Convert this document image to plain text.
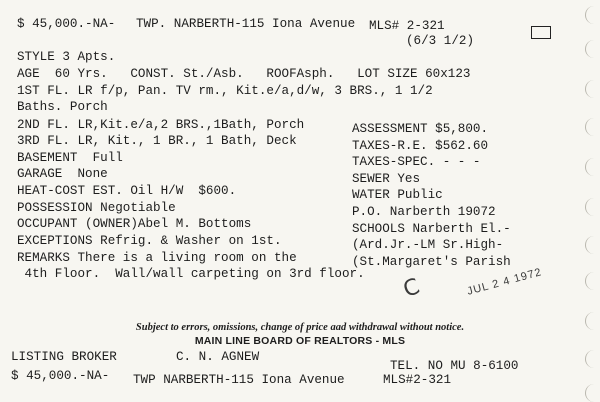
$ 45,000.-NA- TWP. NARBERTH-115 Iona Avenue MLS# 2-321
(6/3 1/2)
STYLE 3 Apts.
AGE  60 Yrs.   CONST. St./Asb.   ROOFAsph.   LOT SIZE 60x123
1ST FL. LR f/p, Pan. TV rm., Kit.e/a,d/w, 3 BRS., 1 1/2
Baths. Porch
2ND FL. LR,Kit.e/a,2 BRS.,1Bath, Porch
3RD FL. LR, Kit., 1 BR., 1 Bath, Deck
BASEMENT  Full
GARAGE  None
HEAT-COST EST. Oil H/W  $600.
POSSESSION Negotiable
OCCUPANT (OWNER)Abel M. Bottoms
EXCEPTIONS Refrig. & Washer on 1st.
REMARKS There is a living room on the
4th Floor.  Wall/wall carpeting on 3rd floor.
ASSESSMENT $5,800.
TAXES-R.E. $562.60
TAXES-SPEC. - - -
SEWER Yes
WATER Public
P.O. Narberth 19072
SCHOOLS Narberth El.-
(Ard.Jr.-LM Sr.High-
(St.Margaret's Parish
C	JUL 2 4 1972
Subject to errors, omissions, change of price aad withdrawal without notice.
MAIN LINE BOARD OF REALTORS - MLS
LISTING BROKER	C. N. AGNEW
TEL. NO MU 8-6100
$ 45,000.-NA- TWP NARBERTH-115 Iona Avenue	MLS#2-321
